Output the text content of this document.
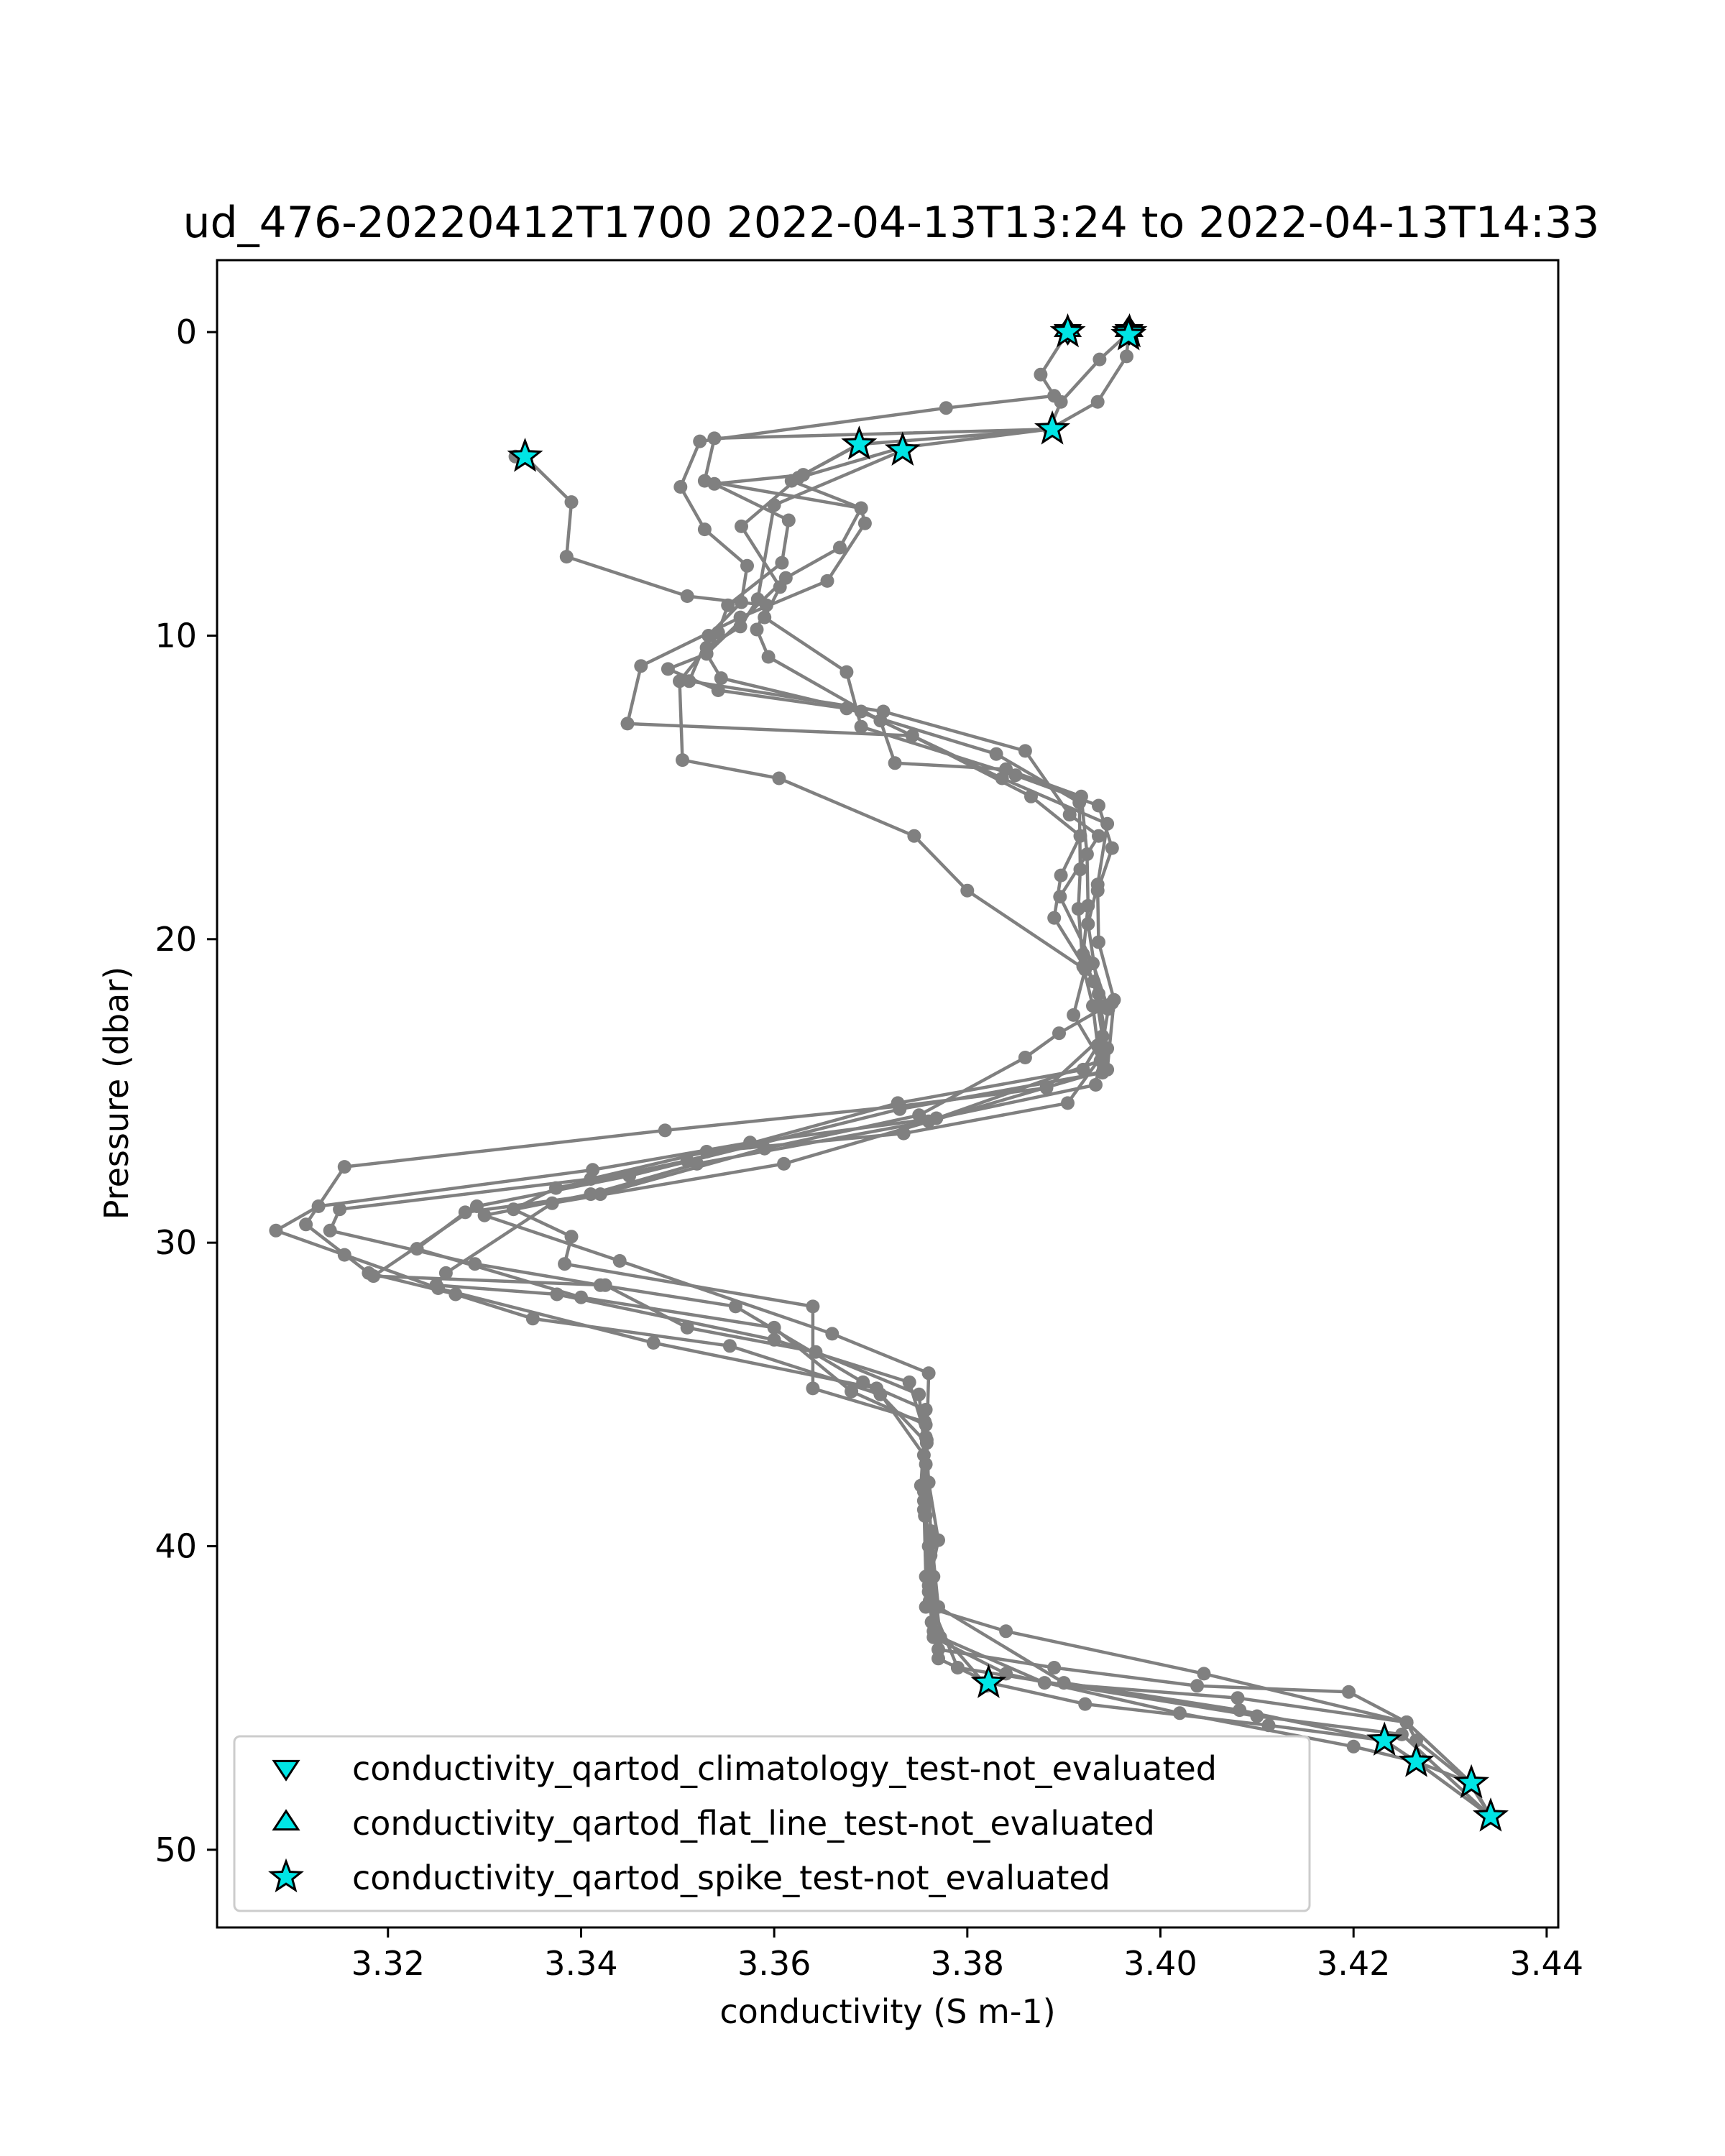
ud_476-20220412T1700 2022-04-13T13:24 to 2022-04-13T14:33
3.32	3.34	3.36	3.38	3.40	3.42	3.44
0
10
20
30
40
50
conductivity (S m-1)
Pressure (dbar)
conductivity_qartod_climatology_test-not_evaluated
conductivity_qartod_flat_line_test-not_evaluated
conductivity_qartod_spike_test-not_evaluated
